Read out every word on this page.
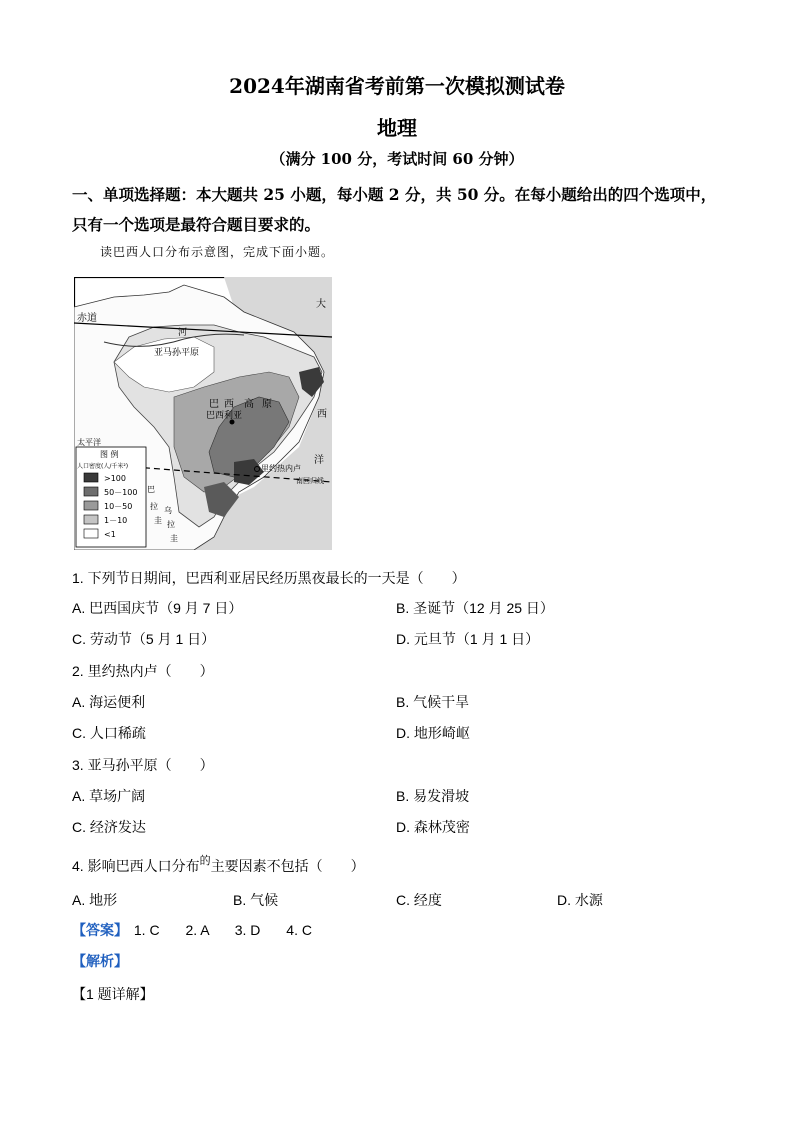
2024年湖南省考前第一次模拟测试卷
地理
（满分 100 分，考试时间 60 分钟）
一、单项选择题：本大题共 25 小题，每小题 2 分，共 50 分。在每小题给出的四个选项中，
只有一个选项是最符合题目要求的。
读巴西人口分布示意图，完成下面小题。
大
西
洋
赤道
河
亚马孙平原
巴 西 高 原
巴西利亚
里约热内卢
南回归线
太平洋
巴
拉
圭
乌
拉
圭
图 例
人口密度(人/千米²)
>100
50－100
10－50
1－10
<1
1. 下列节日期间，巴西利亚居民经历黑夜最长的一天是（　　）
A. 巴西国庆节（9 月 7 日）	B. 圣诞节（12 月 25 日）
C. 劳动节（5 月 1 日）	D. 元旦节（1 月 1 日）
2. 里约热内卢（　　）
A. 海运便利	B. 气候干旱
C. 人口稀疏	D. 地形崎岖
3. 亚马孙平原（　　）
A. 草场广阔	B. 易发滑坡
C. 经济发达	D. 森林茂密
4. 影响巴西人口分布$^的$主要因素不包括（　　）
A. 地形	B. 气候	C. 经度	D. 水源
【答案】 1. C 2. A 3. D 4. C
【解析】
【1 题详解】
